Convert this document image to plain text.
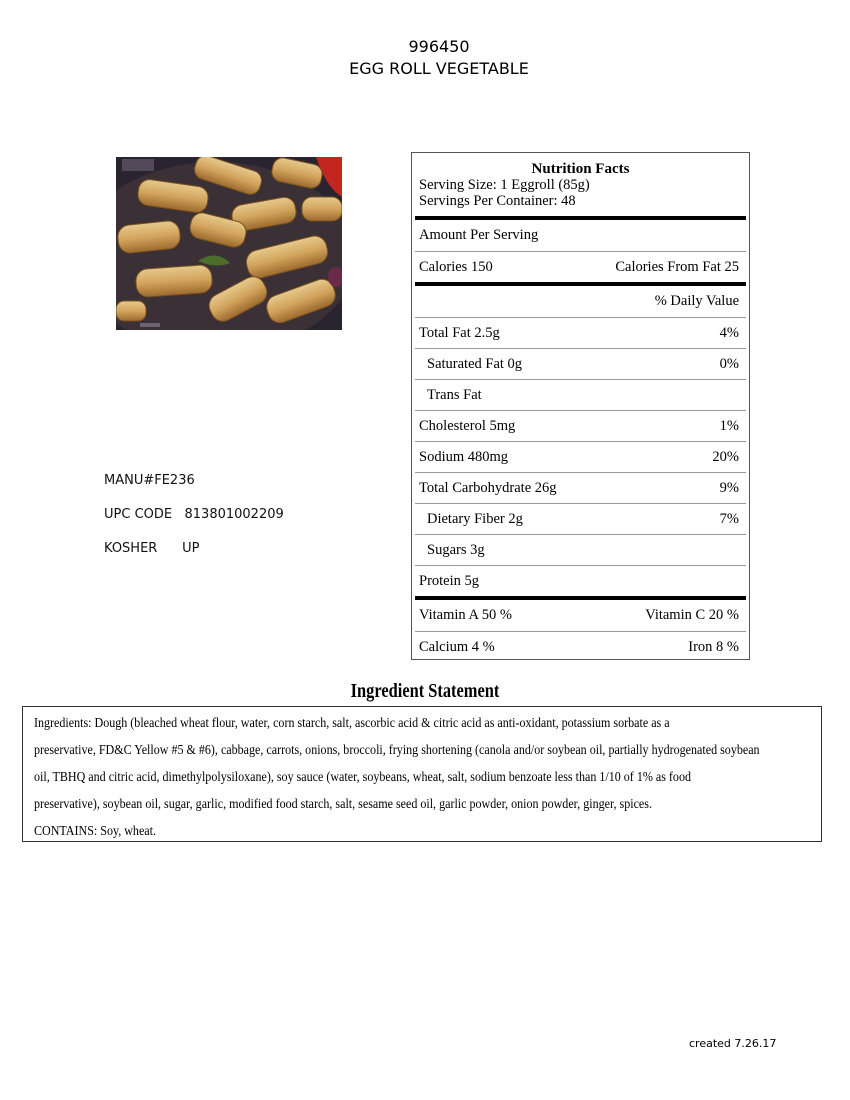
996450
EGG ROLL VEGETABLE
MANU#FE236
UPC CODE 813801002209
KOSHER UP
Nutrition Facts
Serving Size: 1 Eggroll (85g)
Servings Per Container: 48
Amount Per Serving
Calories 150	Calories From Fat 25
% Daily Value
Total Fat 2.5g	4%
Saturated Fat 0g	0%
Trans Fat
Cholesterol 5mg	1%
Sodium 480mg	20%
Total Carbohydrate 26g	9%
Dietary Fiber 2g	7%
Sugars 3g
Protein 5g
Vitamin A 50 %	Vitamin C 20 %
Calcium 4 %	Iron 8 %
Ingredient Statement
Ingredients: Dough (bleached wheat flour, water, corn starch, salt, ascorbic acid & citric acid as anti-oxidant, potassium sorbate as a
preservative, FD&C Yellow #5 & #6), cabbage, carrots, onions, broccoli, frying shortening (canola and/or soybean oil, partially hydrogenated soybean
oil, TBHQ and citric acid, dimethylpolysiloxane), soy sauce (water, soybeans, wheat, salt, sodium benzoate less than 1/10 of 1% as food
preservative), soybean oil, sugar, garlic, modified food starch, salt, sesame seed oil, garlic powder, onion powder, ginger, spices.
CONTAINS: Soy, wheat.
created 7.26.17
